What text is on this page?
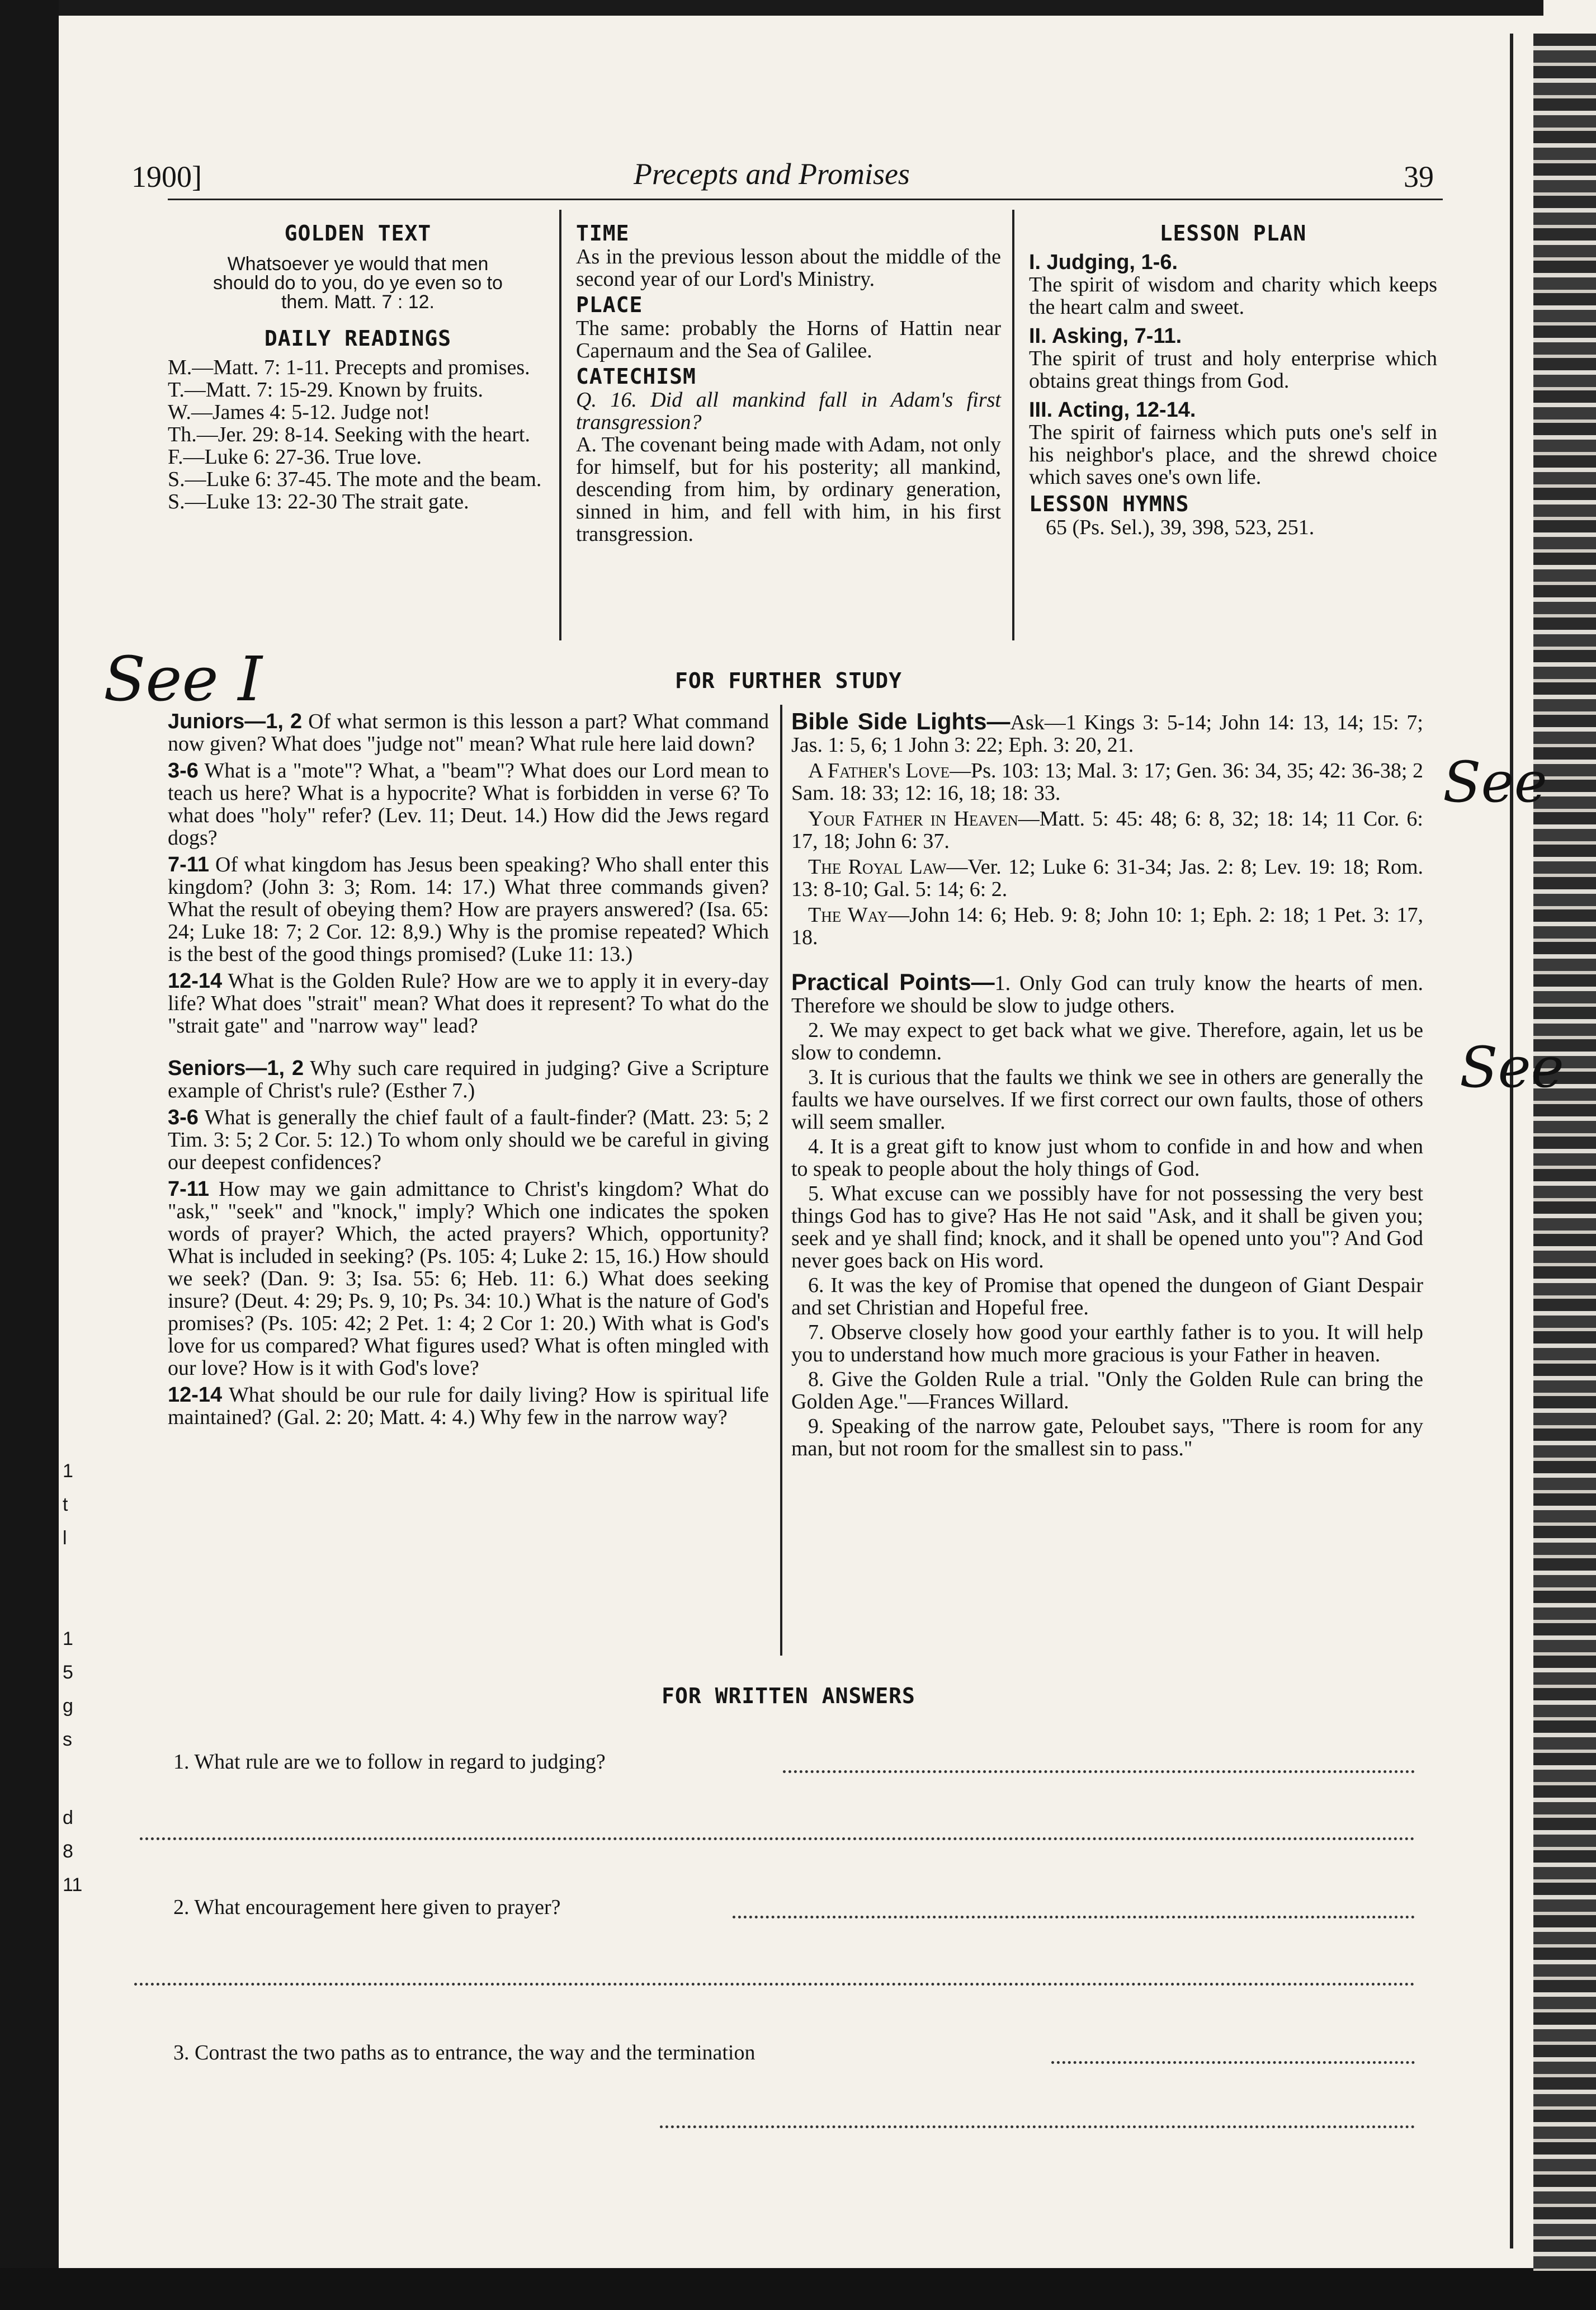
1
t
l
1
5
g
s
d
8
11
1900]	Precepts and Promises	39
GOLDEN TEXT
Whatsoever ye would that men
should do to you, do ye even so to
them. Matt. 7 : 12.
DAILY READINGS
M.—Matt. 7: 1-11. Precepts and promises.
T.—Matt. 7: 15-29. Known by fruits.
W.—James 4: 5-12. Judge not!
Th.—Jer. 29: 8-14. Seeking with the heart.
F.—Luke 6: 27-36. True love.
S.—Luke 6: 37-45. The mote and the beam.
S.—Luke 13: 22-30 The strait gate.
TIME
As in the previous lesson about the middle of the second year of our Lord's Ministry.
PLACE
The same: probably the Horns of Hattin near Capernaum and the Sea of Galilee.
CATECHISM
Q. 16. Did all mankind fall in Adam's first transgression?
A. The covenant being made with Adam, not only for himself, but for his posterity; all mankind, descending from him, by ordinary generation, sinned in him, and fell with him, in his first transgression.
LESSON PLAN
I. Judging, 1-6.
The spirit of wisdom and charity which keeps the heart calm and sweet.
II. Asking, 7-11.
The spirit of trust and holy enterprise which obtains great things from God.
III. Acting, 12-14.
The spirit of fairness which puts one's self in his neighbor's place, and the shrewd choice which saves one's own life.
LESSON HYMNS
65 (Ps. Sel.), 39, 398, 523, 251.
See I
See
See
FOR FURTHER STUDY
Juniors—1, 2 Of what sermon is this lesson a part? What command now given? What does "judge not" mean? What rule here laid down?
3-6 What is a "mote"? What, a "beam"? What does our Lord mean to teach us here? What is a hypocrite? What is forbidden in verse 6? To what does "holy" refer? (Lev. 11; Deut. 14.) How did the Jews regard dogs?
7-11 Of what kingdom has Jesus been speaking? Who shall enter this kingdom? (John 3: 3; Rom. 14: 17.) What three commands given? What the result of obeying them? How are prayers answered? (Isa. 65: 24; Luke 18: 7; 2 Cor. 12: 8,9.) Why is the promise repeated? Which is the best of the good things promised? (Luke 11: 13.)
12-14 What is the Golden Rule? How are we to apply it in every-day life? What does "strait" mean? What does it represent? To what do the "strait gate" and "narrow way" lead?
Seniors—1, 2 Why such care required in judging? Give a Scripture example of Christ's rule? (Esther 7.)
3-6 What is generally the chief fault of a fault-finder? (Matt. 23: 5; 2 Tim. 3: 5; 2 Cor. 5: 12.) To whom only should we be careful in giving our deepest confidences?
7-11 How may we gain admittance to Christ's kingdom? What do "ask," "seek" and "knock," imply? Which one indicates the spoken words of prayer? Which, the acted prayers? Which, opportunity? What is included in seeking? (Ps. 105: 4; Luke 2: 15, 16.) How should we seek? (Dan. 9: 3; Isa. 55: 6; Heb. 11: 6.) What does seeking insure? (Deut. 4: 29; Ps. 9, 10; Ps. 34: 10.) What is the nature of God's promises? (Ps. 105: 42; 2 Pet. 1: 4; 2 Cor 1: 20.) With what is God's love for us compared? What figures used? What is often mingled with our love? How is it with God's love?
12-14 What should be our rule for daily living? How is spiritual life maintained? (Gal. 2: 20; Matt. 4: 4.) Why few in the narrow way?
Bible Side Lights—Ask—1 Kings 3: 5-14; John 14: 13, 14; 15: 7; Jas. 1: 5, 6; 1 John 3: 22; Eph. 3: 20, 21.
A Father's Love—Ps. 103: 13; Mal. 3: 17; Gen. 36: 34, 35; 42: 36-38; 2 Sam. 18: 33; 12: 16, 18; 18: 33.
Your Father in Heaven—Matt. 5: 45: 48; 6: 8, 32; 18: 14; 11 Cor. 6: 17, 18; John 6: 37.
The Royal Law—Ver. 12; Luke 6: 31-34; Jas. 2: 8; Lev. 19: 18; Rom. 13: 8-10; Gal. 5: 14; 6: 2.
The Way—John 14: 6; Heb. 9: 8; John 10: 1; Eph. 2: 18; 1 Pet. 3: 17, 18.
Practical Points—1. Only God can truly know the hearts of men. Therefore we should be slow to judge others.
2. We may expect to get back what we give. Therefore, again, let us be slow to condemn.
3. It is curious that the faults we think we see in others are generally the faults we have ourselves. If we first correct our own faults, those of others will seem smaller.
4. It is a great gift to know just whom to confide in and how and when to speak to people about the holy things of God.
5. What excuse can we possibly have for not possessing the very best things God has to give? Has He not said "Ask, and it shall be given you; seek and ye shall find; knock, and it shall be opened unto you"? And God never goes back on His word.
6. It was the key of Promise that opened the dungeon of Giant Despair and set Christian and Hopeful free.
7. Observe closely how good your earthly father is to you. It will help you to understand how much more gracious is your Father in heaven.
8. Give the Golden Rule a trial. "Only the Golden Rule can bring the Golden Age."—Frances Willard.
9. Speaking of the narrow gate, Peloubet says, "There is room for any man, but not room for the smallest sin to pass."
FOR WRITTEN ANSWERS
1. What rule are we to follow in regard to judging?
2. What encouragement here given to prayer?
3. Contrast the two paths as to entrance, the way and the termination
